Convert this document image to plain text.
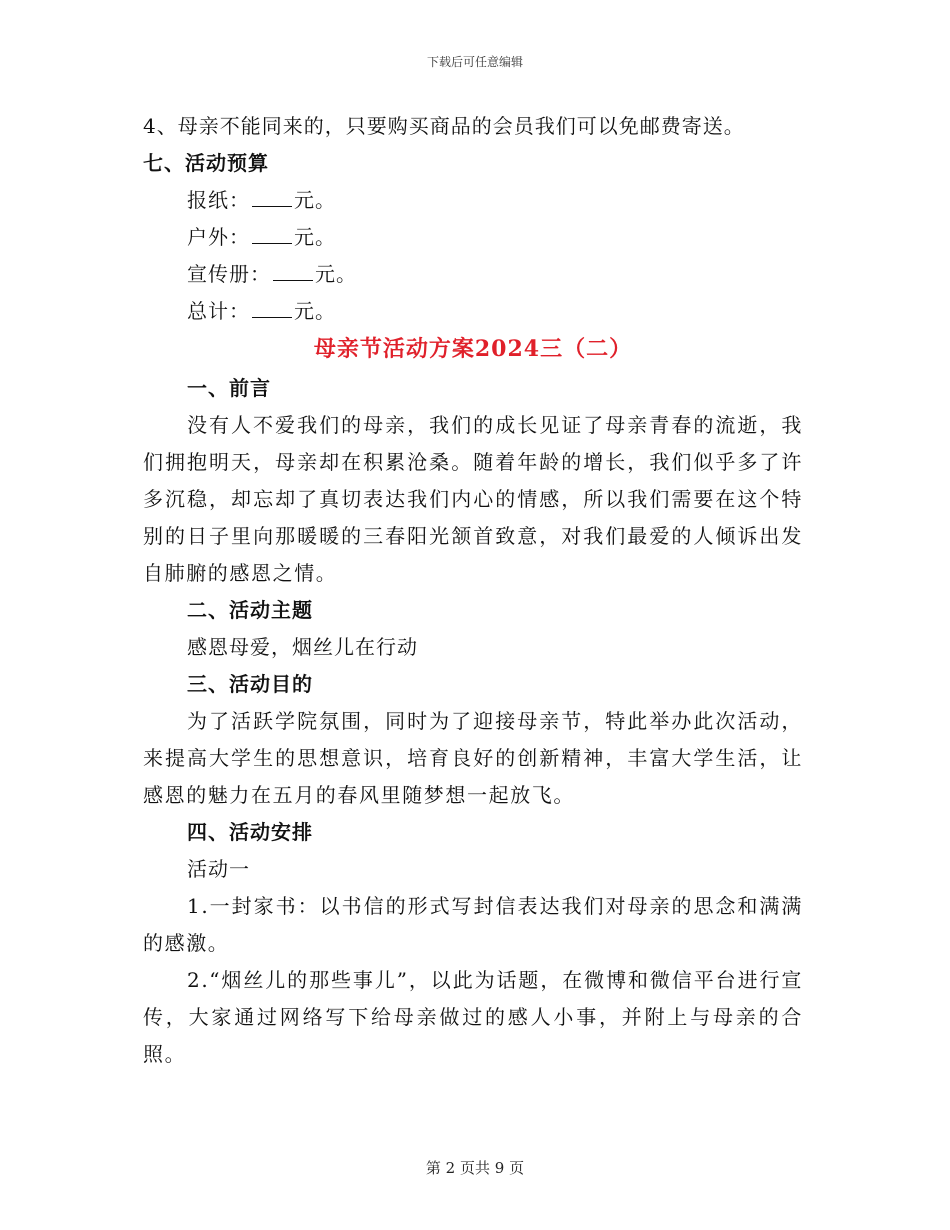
下载后可任意编辑
4、母亲不能同来的，只要购买商品的会员我们可以免邮费寄送。
七、活动预算
报纸： 元。
户外： 元。
宣传册： 元。
总计： 元。
母亲节活动方案2024三（二）
一、前言
没有人不爱我们的母亲，我们的成长见证了母亲青春的流逝，我们拥抱明天，母亲却在积累沧桑。随着年龄的增长，我们似乎多了许多沉稳，却忘却了真切表达我们内心的情感，所以我们需要在这个特别的日子里向那暖暖的三春阳光颔首致意，对我们最爱的人倾诉出发自肺腑的感恩之情。
二、活动主题
感恩母爱，烟丝儿在行动
三、活动目的
为了活跃学院氛围，同时为了迎接母亲节，特此举办此次活动，来提高大学生的思想意识，培育良好的创新精神，丰富大学生活，让感恩的魅力在五月的春风里随梦想一起放飞。
四、活动安排
活动一
1.一封家书：以书信的形式写封信表达我们对母亲的思念和满满的感激。
2.“烟丝儿的那些事儿”，以此为话题，在微博和微信平台进行宣传，大家通过网络写下给母亲做过的感人小事，并附上与母亲的合照。
第 2 页共 9 页
